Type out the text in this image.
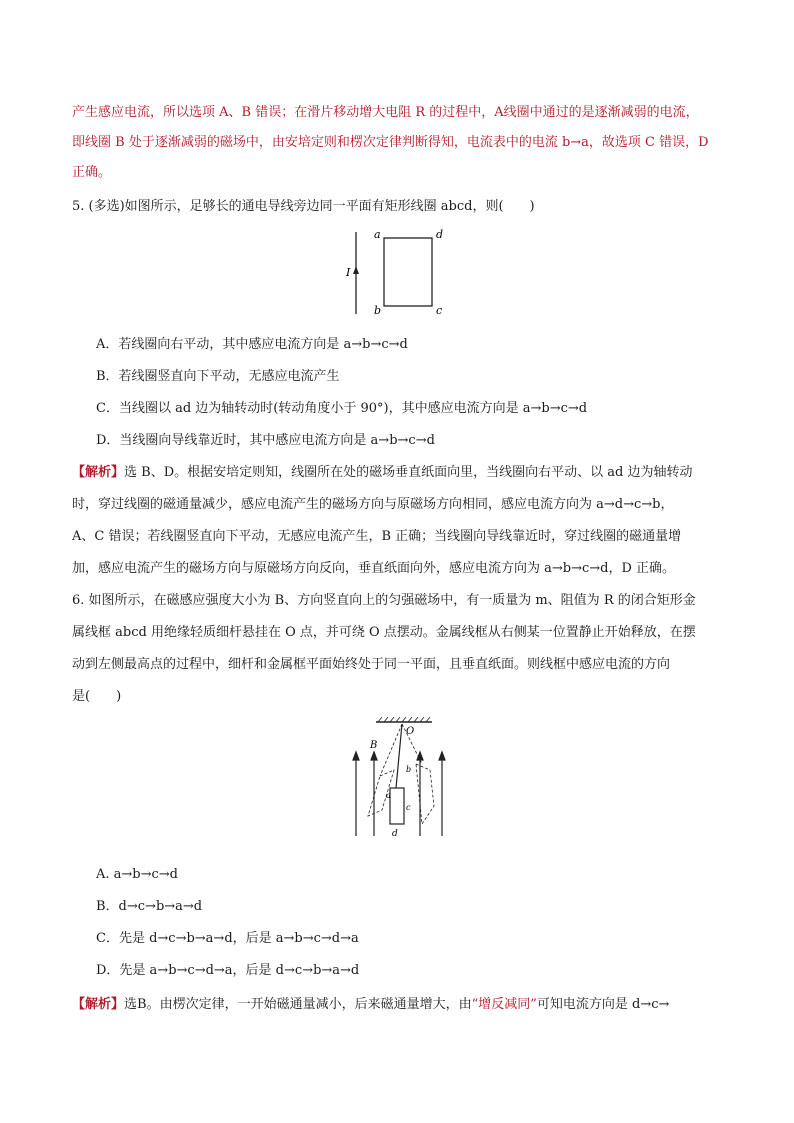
产生感应电流，所以选项 A、B 错误；在滑片移动增大电阻 R 的过程中，A线圈中通过的是逐渐减弱的电流，
即线圈 B 处于逐渐减弱的磁场中，由安培定则和楞次定律判断得知，电流表中的电流 b→a，故选项 C 错误，D
正确。
5. (多选)如图所示，足够长的通电导线旁边同一平面有矩形线圈 abcd，则(　　)
I
a	d
b	c
A．若线圈向右平动，其中感应电流方向是 a→b→c→d
B．若线圈竖直向下平动，无感应电流产生
C．当线圈以 ad 边为轴转动时(转动角度小于 90°)，其中感应电流方向是 a→b→c→d
D．当线圈向导线靠近时，其中感应电流方向是 a→b→c→d
【解析】选 B、D。根据安培定则知，线圈所在处的磁场垂直纸面向里，当线圈向右平动、以 ad 边为轴转动
时，穿过线圈的磁通量减少，感应电流产生的磁场方向与原磁场方向相同，感应电流方向为 a→d→c→b，
A、C 错误；若线圈竖直向下平动，无感应电流产生，B 正确；当线圈向导线靠近时，穿过线圈的磁通量增
加，感应电流产生的磁场方向与原磁场方向反向，垂直纸面向外，感应电流方向为 a→b→c→d，D 正确。
6. 如图所示，在磁感应强度大小为 B、方向竖直向上的匀强磁场中，有一质量为 m、阻值为 R 的闭合矩形金
属线框 abcd 用绝缘轻质细杆悬挂在 O 点，并可绕 O 点摆动。金属线框从右侧某一位置静止开始释放，在摆
动到左侧最高点的过程中，细杆和金属框平面始终处于同一平面，且垂直纸面。则线框中感应电流的方向
是(　　)
O
B
a
b
c
d
A. a→b→c→d
B．d→c→b→a→d
C．先是 d→c→b→a→d，后是 a→b→c→d→a
D．先是 a→b→c→d→a，后是 d→c→b→a→d
【解析】选B。由楞次定律，一开始磁通量减小，后来磁通量增大，由“增反减同”可知电流方向是 d→c→
